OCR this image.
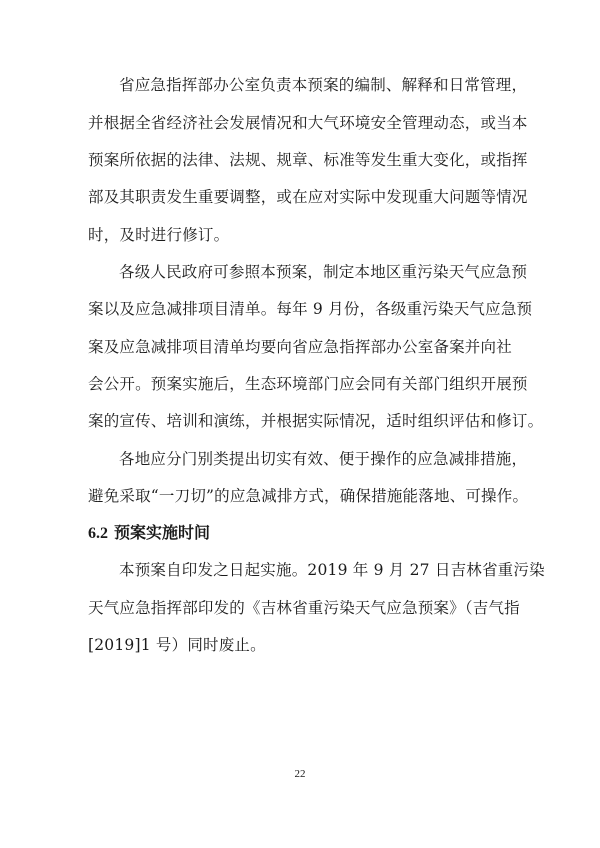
省应急指挥部办公室负责本预案的编制、解释和日常管理，
并根据全省经济社会发展情况和大气环境安全管理动态，或当本
预案所依据的法律、法规、规章、标准等发生重大变化，或指挥
部及其职责发生重要调整，或在应对实际中发现重大问题等情况
时，及时进行修订。
各级人民政府可参照本预案，制定本地区重污染天气应急预
案以及应急减排项目清单。每年 9 月份，各级重污染天气应急预
案及应急减排项目清单均要向省应急指挥部办公室备案并向社
会公开。预案实施后，生态环境部门应会同有关部门组织开展预
案的宣传、培训和演练，并根据实际情况，适时组织评估和修订。
各地应分门别类提出切实有效、便于操作的应急减排措施，
避免采取“一刀切”的应急减排方式，确保措施能落地、可操作。
6.2 预案实施时间
本预案自印发之日起实施。2019 年 9 月 27 日吉林省重污染
天气应急指挥部印发的《吉林省重污染天气应急预案》（吉气指
[2019]1 号）同时废止。
22
